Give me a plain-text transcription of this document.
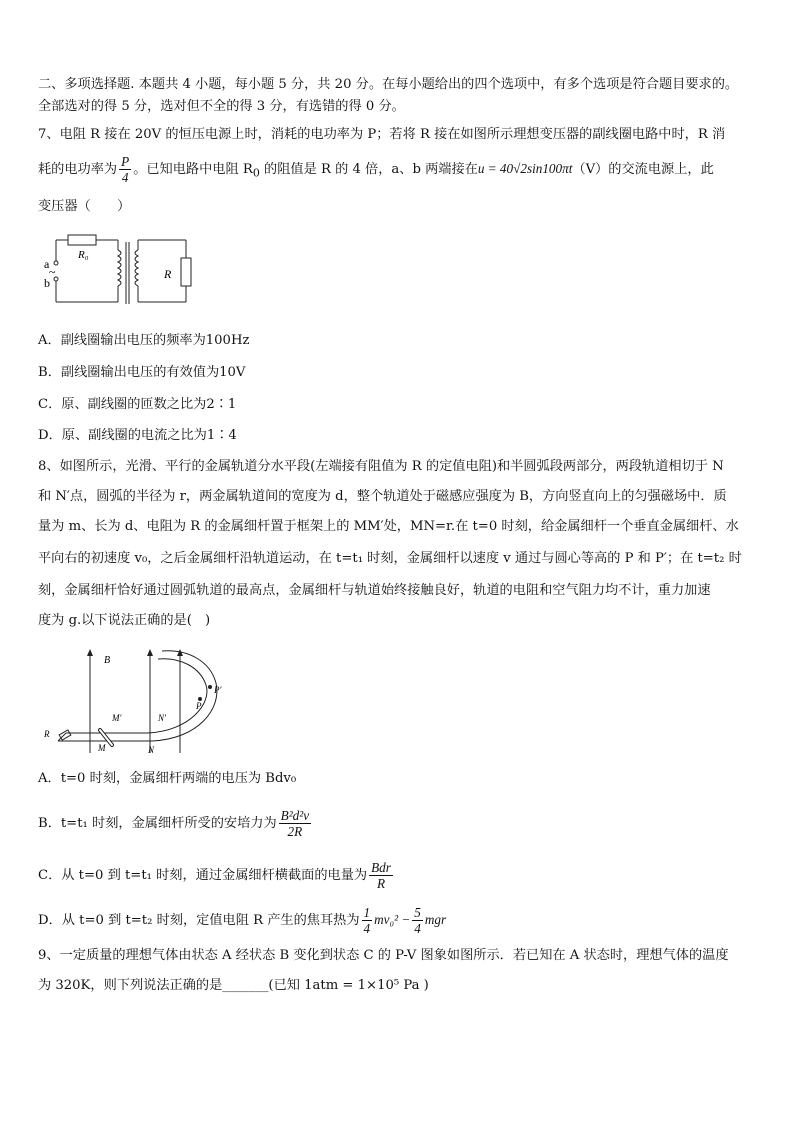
二、多项选择题. 本题共 4 小题，每小题 5 分，共 20 分。在每小题给出的四个选项中，有多个选项是符合题目要求的。
全部选对的得 5 分，选对但不全的得 3 分，有选错的得 0 分。
7、电阻 R 接在 20V 的恒压电源上时，消耗的电功率为 P；若将 R 接在如图所示理想变压器的副线圈电路中时，R 消
耗的电功率为 $\frac{P}{4}$ 。已知电路中电阻 $R_0$ 的阻值是 R 的 4 倍，a、b 两端接在u = 40√2sin100πt（V）的交流电源上，此
变压器（　　）
a
b
~
R₀
R
A．副线圈输出电压的频率为100Hz
B．副线圈输出电压的有效值为10V
C．原、副线圈的匝数之比为2∶1
D．原、副线圈的电流之比为1∶4
8、如图所示，光滑、平行的金属轨道分水平段(左端接有阻值为 R 的定值电阻)和半圆弧段两部分，两段轨道相切于 N
和 N′点，圆弧的半径为 r，两金属轨道间的宽度为 d，整个轨道处于磁感应强度为 B，方向竖直向上的匀强磁场中．质
量为 m、长为 d、电阻为 R 的金属细杆置于框架上的 MM′处，MN=r.在 t=0 时刻，给金属细杆一个垂直金属细杆、水
平向右的初速度 v₀，之后金属细杆沿轨道运动，在 t=t₁ 时刻，金属细杆以速度 v 通过与圆心等高的 P 和 P′；在 t=t₂ 时
刻，金属细杆恰好通过圆弧轨道的最高点，金属细杆与轨道始终接触良好，轨道的电阻和空气阻力均不计，重力加速
度为 g.以下说法正确的是(　)
B
R
M′
M
N′
N
P
P′
A．t=0 时刻，金属细杆两端的电压为 Bdv₀
B．t=t₁ 时刻，金属细杆所受的安培力为 $\frac{\text{B²d²v}}{2R}$
C．从 t=0 到 t=t₁ 时刻，通过金属细杆横截面的电量为 $\frac{\text{Bdr}}{R}$
D．从 t=0 到 t=t₂ 时刻，定值电阻 R 产生的焦耳热为 $\frac{1}{4} mv_0^2 - \frac{5}{4}$ mgr
9、一定质量的理想气体由状态 A 经状态 B 变化到状态 C 的 P-V 图象如图所示．若已知在 A 状态时，理想气体的温度
为 320K，则下列说法正确的是_______(已知 1atm = 1×10⁵ Pa )
